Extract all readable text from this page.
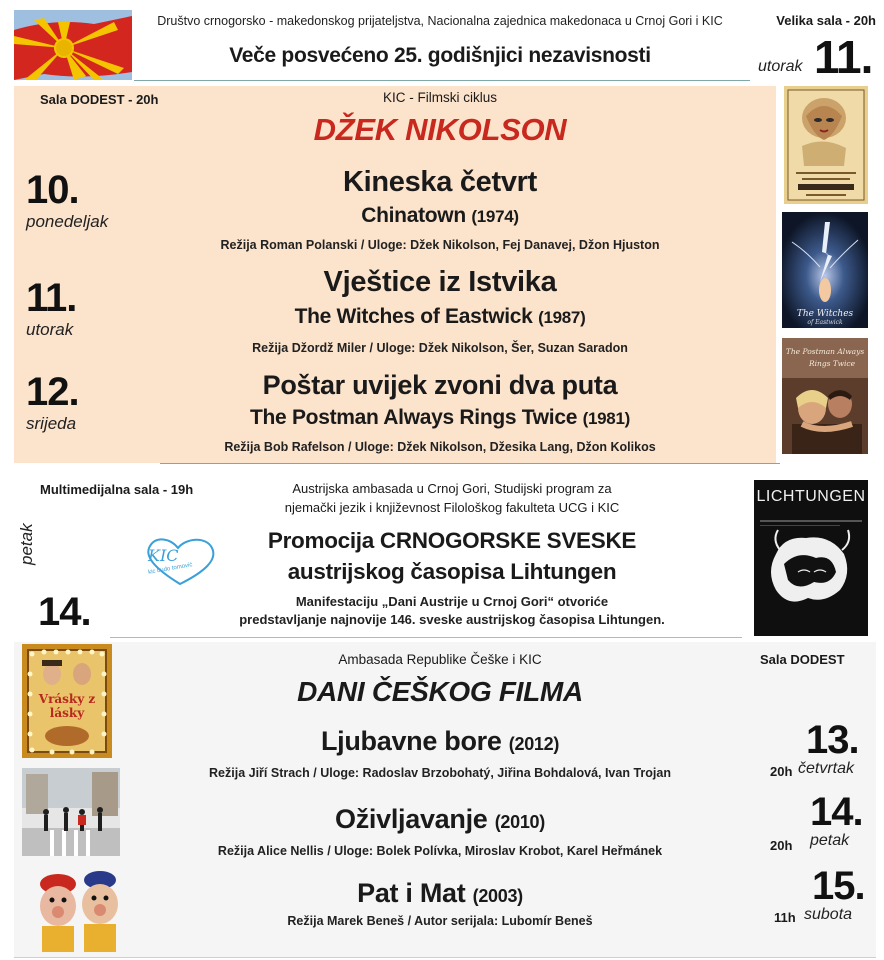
Društvo crnogorsko - makedonskog prijateljstva, Nacionalna zajednica makedonaca u Crnoj Gori i KIC
Veče posvećeno 25. godišnjici nezavisnosti
Velika sala - 20h
utorak 11.
Sala DODEST - 20h	KIC - Filmski ciklus
DŽEK NIKOLSON
10.
ponedeljak
Kineska četvrt
Chinatown (1974)
Režija Roman Polanski / Uloge: Džek Nikolson, Fej Danavej, Džon Hjuston
11.
utorak
Vještice iz Istvika
The Witches of Eastwick (1987)
Režija Džordž Miler / Uloge: Džek Nikolson, Šer, Suzan Saradon
12.
srijeda
Poštar uvijek zvoni dva puta
The Postman Always Rings Twice (1981)
Režija Bob Rafelson / Uloge: Džek Nikolson, Džesika Lang, Džon Kolikos
The Witches
of Eastwick
The Postman Always
Rings Twice
Multimedijalna sala - 19h	Austrijska ambasada u Crnoj Gori, Studijski program za
njemački jezik i književnost Filološkog fakulteta UCG i KIC
Promocija CRNOGORSKE SVESKE
austrijskog časopisa Lihtungen
Manifestaciju „Dani Austrije u Crnoj Gori“ otvoriće
predstavljanje najnovije 146. sveske austrijskog časopisa Lihtungen.
petak
14.
KIC
kic budo tomović
LICHTUNGEN
Ambasada Republike Češke i KIC
DANI ČEŠKOG FILMA
Sala DODEST
Ljubavne bore (2012)
Režija Jiří Strach / Uloge: Radoslav Brzobohatý, Jiřina Bohdalová, Ivan Trojan
13.
20h četvrtak
Oživljavanje (2010)
Režija Alice Nellis / Uloge: Bolek Polívka, Miroslav Krobot, Karel Heřmánek
14.
20h petak
Pat i Mat (2003)
Režija Marek Beneš / Autor serijala: Lubomír Beneš
15.
11h subota
Vrásky z lásky
